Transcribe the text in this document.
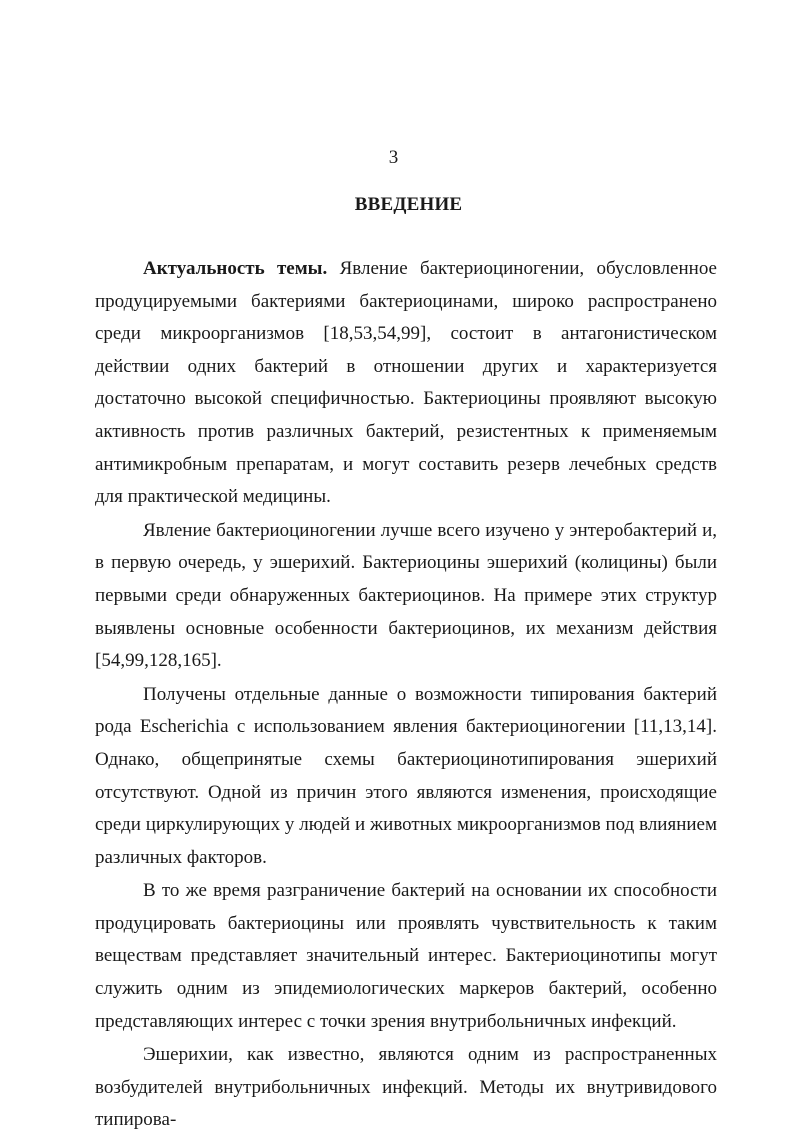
3
ВВЕДЕНИЕ

Актуальность темы. Явление бактериоциногении, обусловленное продуцируемыми бактериями бактериоцинами, широко распространено среди микроорганизмов [18,53,54,99], состоит в антагонистическом действии одних бактерий в отношении других и характеризуется достаточно высокой специфичностью. Бактериоцины проявляют высокую активность против различных бактерий, резистентных к применяемым антимикробным препаратам, и могут составить резерв лечебных средств для практической медицины.

Явление бактериоциногении лучше всего изучено у энтеробактерий и, в первую очередь, у эшерихий. Бактериоцины эшерихий (колицины) были первыми среди обнаруженных бактериоцинов. На примере этих структур выявлены основные особенности бактериоцинов, их механизм действия [54,99,128,165].

Получены отдельные данные о возможности типирования бактерий рода Escherichia с использованием явления бактериоциногении [11,13,14]. Однако, общепринятые схемы бактериоцинотипирования эшерихий отсутствуют. Одной из причин этого являются изменения, происходящие среди циркулирующих у людей и животных микроорганизмов под влиянием различных факторов.

В то же время разграничение бактерий на основании их способности продуцировать бактериоцины или проявлять чувствительность к таким веществам представляет значительный интерес. Бактериоцинотипы могут служить одним из эпидемиологических маркеров бактерий, особенно представляющих интерес с точки зрения внутрибольничных инфекций.

Эшерихии, как известно, являются одним из распространенных возбудителей внутрибольничных инфекций. Методы их внутривидового типирова-
